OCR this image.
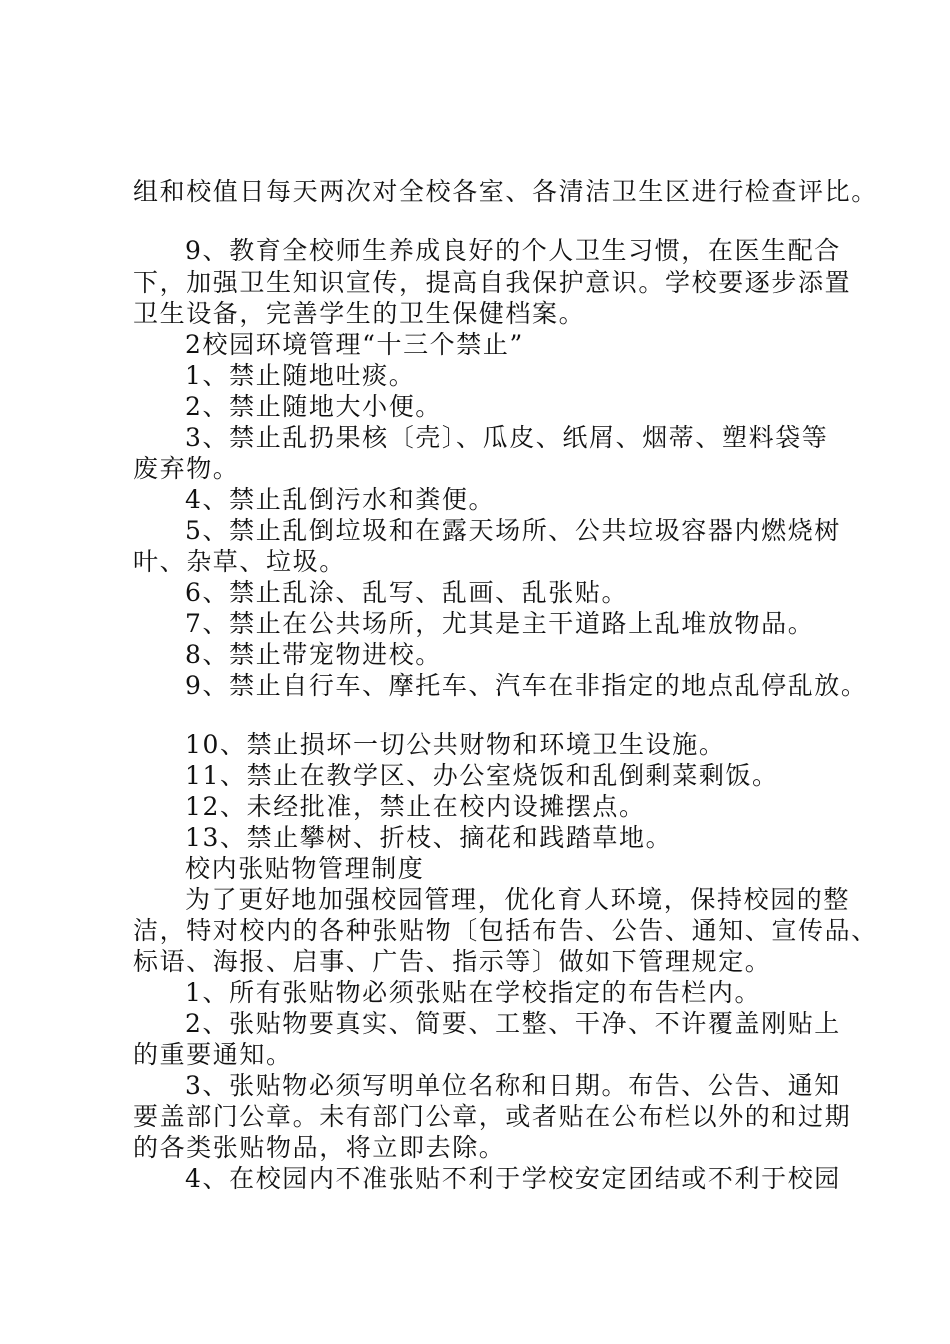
组和校值日每天两次对全校各室、各清洁卫生区进行检查评比。
9、教育全校师生养成良好的个人卫生习惯，在医生配合
下，加强卫生知识宣传，提高自我保护意识。学校要逐步添置
卫生设备，完善学生的卫生保健档案。
2校园环境管理“十三个禁止”
1、禁止随地吐痰。
2、禁止随地大小便。
3、禁止乱扔果核〔壳〕、瓜皮、纸屑、烟蒂、塑料袋等
废弃物。
4、禁止乱倒污水和粪便。
5、禁止乱倒垃圾和在露天场所、公共垃圾容器内燃烧树
叶、杂草、垃圾。
6、禁止乱涂、乱写、乱画、乱张贴。
7、禁止在公共场所，尤其是主干道路上乱堆放物品。
8、禁止带宠物进校。
9、禁止自行车、摩托车、汽车在非指定的地点乱停乱放。
10、禁止损坏一切公共财物和环境卫生设施。
11、禁止在教学区、办公室烧饭和乱倒剩菜剩饭。
12、未经批准，禁止在校内设摊摆点。
13、禁止攀树、折枝、摘花和践踏草地。
校内张贴物管理制度
为了更好地加强校园管理，优化育人环境，保持校园的整
洁，特对校内的各种张贴物〔包括布告、公告、通知、宣传品、
标语、海报、启事、广告、指示等〕做如下管理规定。
1、所有张贴物必须张贴在学校指定的布告栏内。
2、张贴物要真实、简要、工整、干净、不许覆盖刚贴上
的重要通知。
3、张贴物必须写明单位名称和日期。布告、公告、通知
要盖部门公章。未有部门公章，或者贴在公布栏以外的和过期
的各类张贴物品，将立即去除。
4、在校园内不准张贴不利于学校安定团结或不利于校园
